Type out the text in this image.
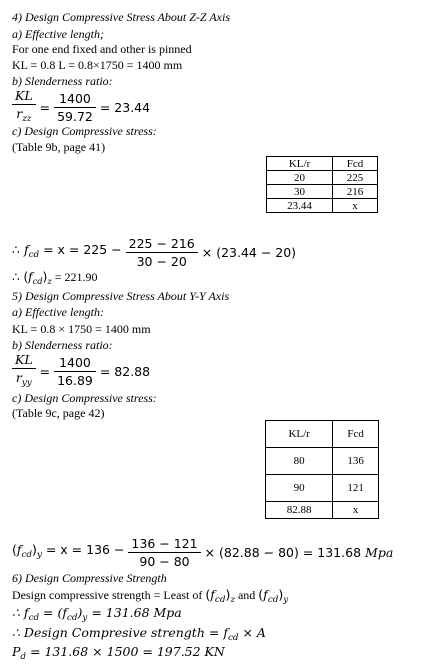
4) Design Compressive Stress About Z-Z Axis
a) Effective length;
For one end fixed and other is pinned
KL = 0.8 L = 0.8×1750 = 1400 mm
b) Slenderness ratio:
$\frac{KL}{r_{zz}} = \frac{1400}{59.72} = 23.44$
c) Design Compressive stress:
(Table 9b, page 41)
KL/r	Fcd
20	225
30	216
23.44	x
∴ $f_{cd} = x = 225 - \frac{225 - 216}{30 - 20} \times (23.44 - 20)$
∴ $(f_{cd})_z = 221.90$
5) Design Compressive Stress About Y-Y Axis
a) Effective length:
KL = 0.8 × 1750 = 1400 mm
b) Slenderness ratio:
$\frac{KL}{r_{yy}} = \frac{1400}{16.89} = 82.88$
c) Design Compressive stress:
(Table 9c, page 42)
KL/r	Fcd
80	136
90	121
82.88	x
$(f_{cd})_y = x = 136 - \frac{136 - 121}{90 - 80} \times (82.88 - 80) = 131.68$ Mpa
6) Design Compressive Strength
Design compressive strength = Least of $(f_{cd})_z$ and $(f_{cd})_y$
∴ $f_{cd} = (f_{cd})_y = 131.68$ Mpa
∴ Design Compresive strength = $f_{cd} \times A$
$P_d = 131.68 \times 1500 = 197.52$ KN
